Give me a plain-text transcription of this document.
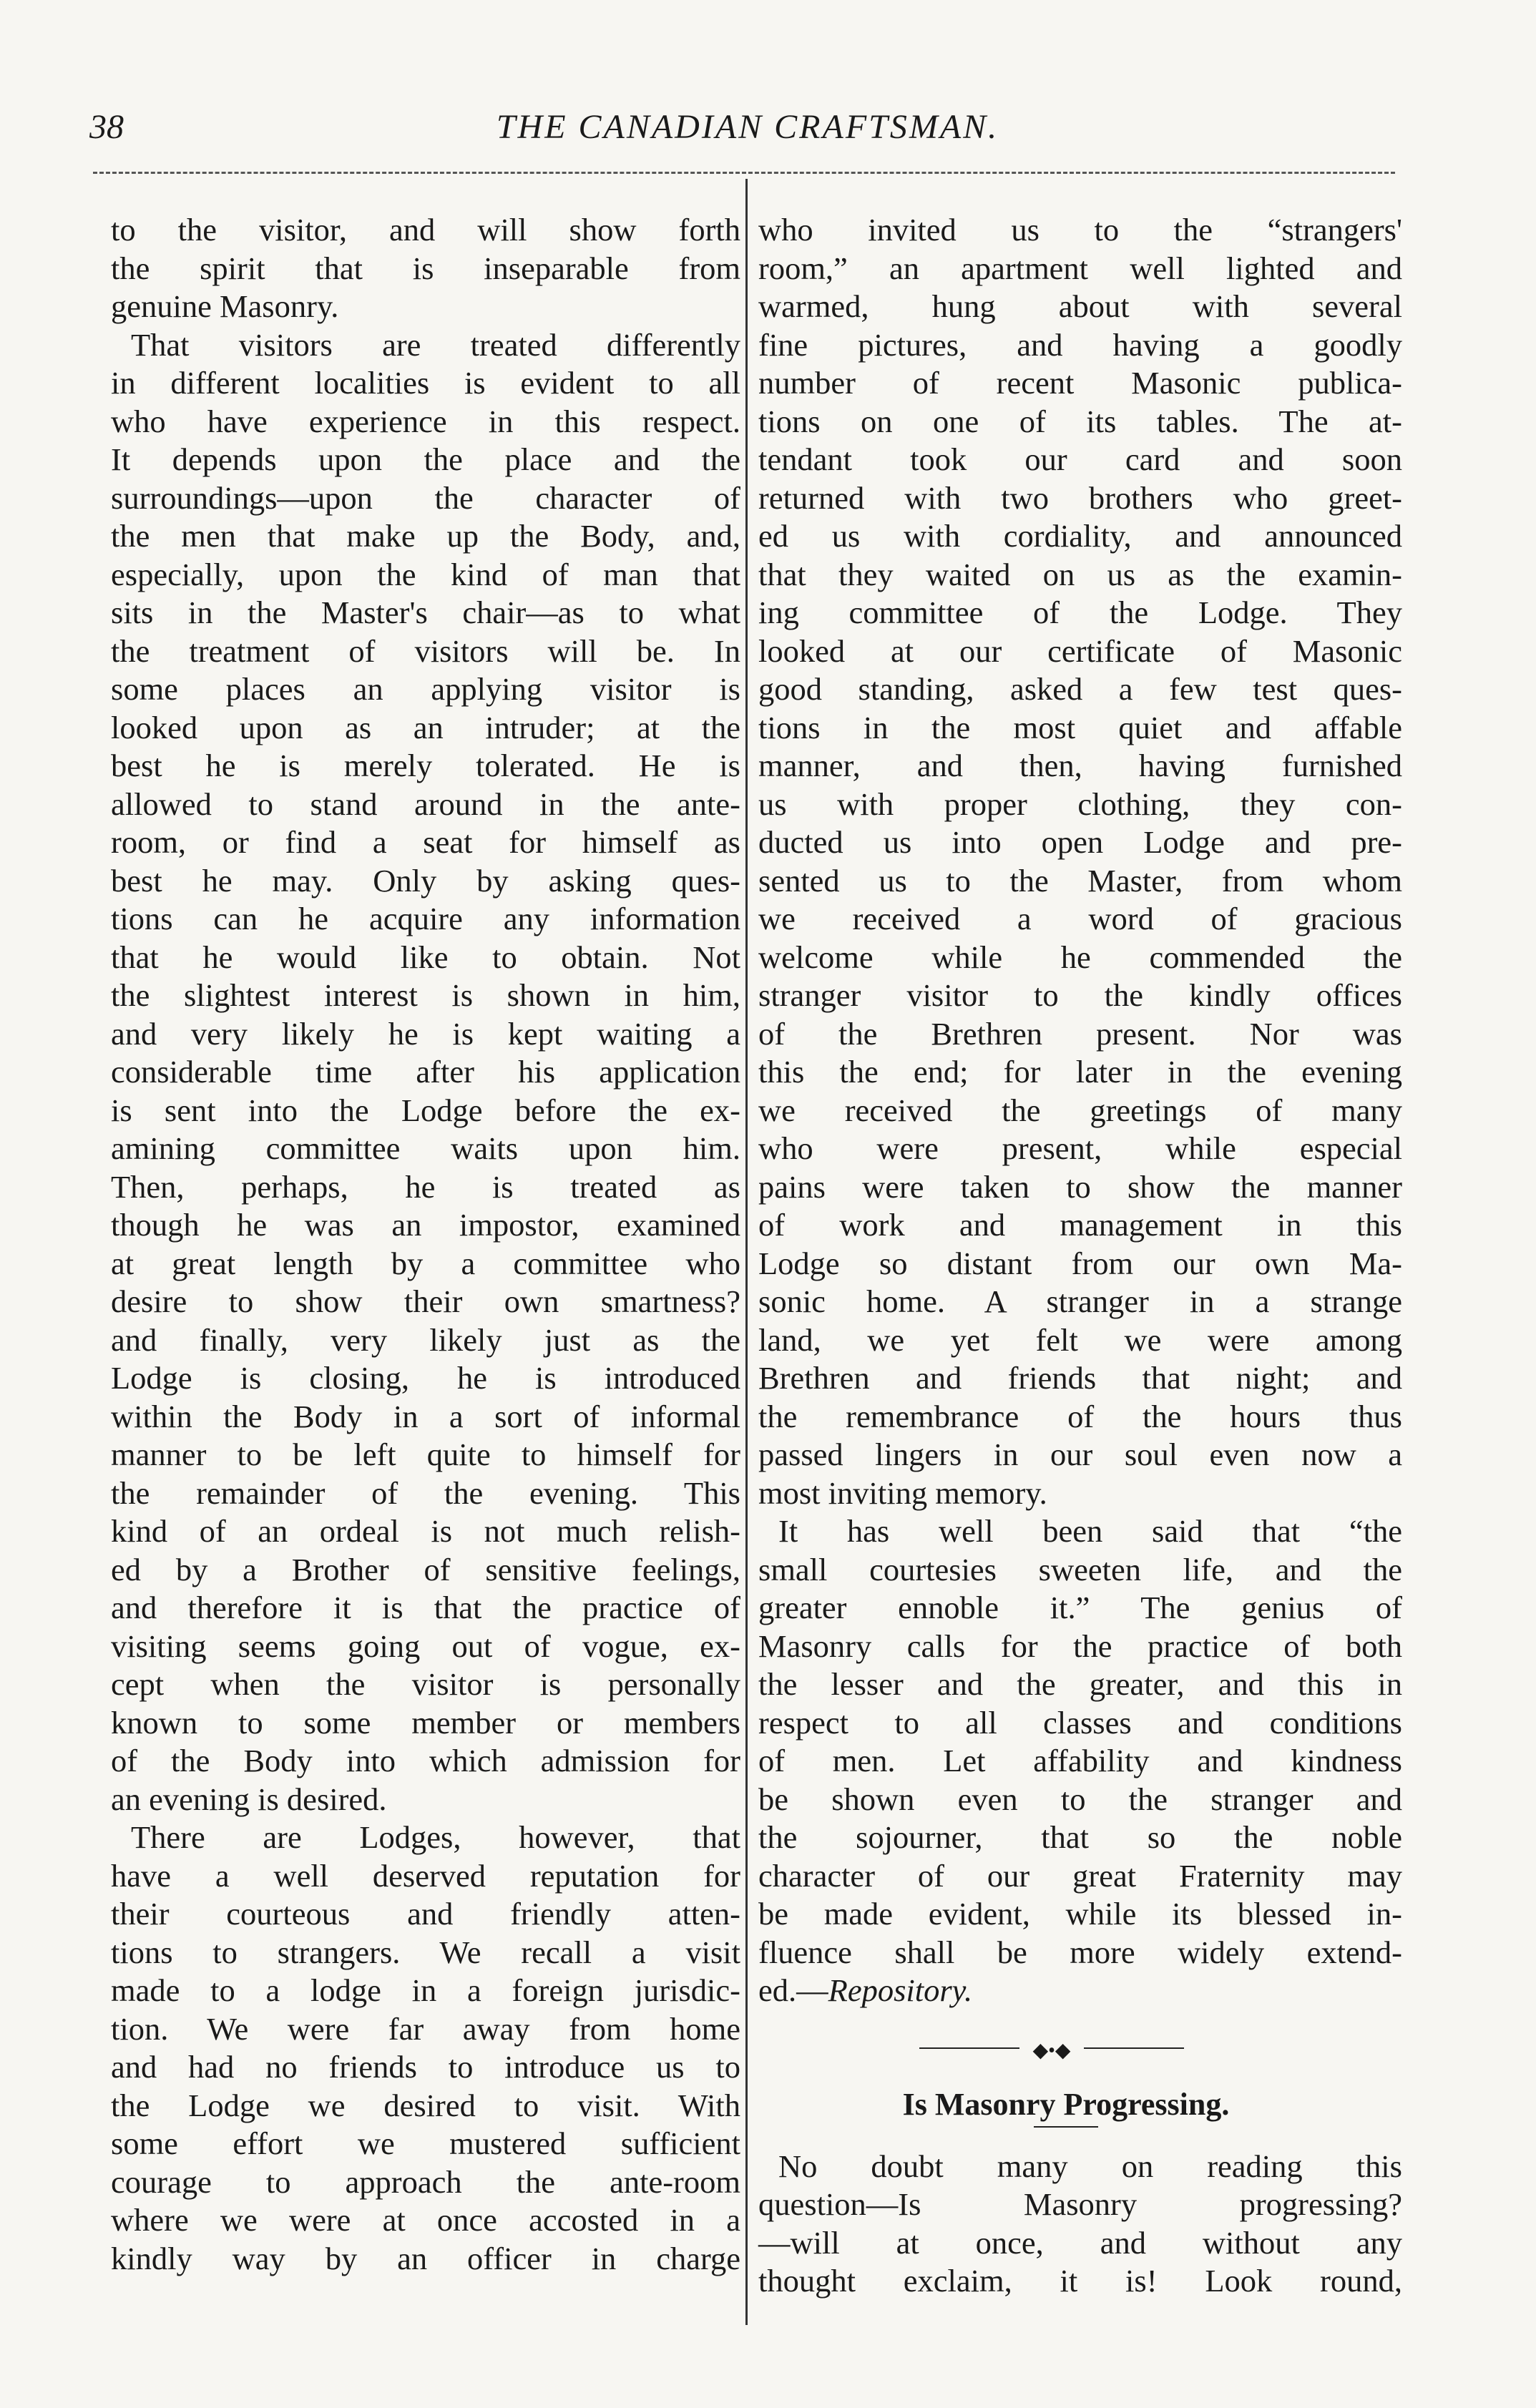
38	THE CANADIAN CRAFTSMAN.
to the visitor, and will show forth
the spirit that is inseparable from
genuine Masonry.
That visitors are treated differently
in different localities is evident to all
who have experience in this respect.
It depends upon the place and the
surroundings—upon the character of
the men that make up the Body, and,
especially, upon the kind of man that
sits in the Master's chair—as to what
the treatment of visitors will be. In
some places an applying visitor is
looked upon as an intruder; at the
best he is merely tolerated. He is
allowed to stand around in the ante-
room, or find a seat for himself as
best he may. Only by asking ques-
tions can he acquire any information
that he would like to obtain. Not
the slightest interest is shown in him,
and very likely he is kept waiting a
considerable time after his application
is sent into the Lodge before the ex-
amining committee waits upon him.
Then, perhaps, he is treated as
though he was an impostor, examined
at great length by a committee who
desire to show their own smartness?
and finally, very likely just as the
Lodge is closing, he is introduced
within the Body in a sort of informal
manner to be left quite to himself for
the remainder of the evening. This
kind of an ordeal is not much relish-
ed by a Brother of sensitive feelings,
and therefore it is that the practice of
visiting seems going out of vogue, ex-
cept when the visitor is personally
known to some member or members
of the Body into which admission for
an evening is desired.
There are Lodges, however, that
have a well deserved reputation for
their courteous and friendly atten-
tions to strangers. We recall a visit
made to a lodge in a foreign jurisdic-
tion. We were far away from home
and had no friends to introduce us to
the Lodge we desired to visit. With
some effort we mustered sufficient
courage to approach the ante-room
where we were at once accosted in a
kindly way by an officer in charge
who invited us to the “strangers'
room,” an apartment well lighted and
warmed, hung about with several
fine pictures, and having a goodly
number of recent Masonic publica-
tions on one of its tables. The at-
tendant took our card and soon
returned with two brothers who greet-
ed us with cordiality, and announced
that they waited on us as the examin-
ing committee of the Lodge. They
looked at our certificate of Masonic
good standing, asked a few test ques-
tions in the most quiet and affable
manner, and then, having furnished
us with proper clothing, they con-
ducted us into open Lodge and pre-
sented us to the Master, from whom
we received a word of gracious
welcome while he commended the
stranger visitor to the kindly offices
of the Brethren present. Nor was
this the end; for later in the evening
we received the greetings of many
who were present, while especial
pains were taken to show the manner
of work and management in this
Lodge so distant from our own Ma-
sonic home. A stranger in a strange
land, we yet felt we were among
Brethren and friends that night; and
the remembrance of the hours thus
passed lingers in our soul even now a
most inviting memory.
It has well been said that “the
small courtesies sweeten life, and the
greater ennoble it.” The genius of
Masonry calls for the practice of both
the lesser and the greater, and this in
respect to all classes and conditions
of men. Let affability and kindness
be shown even to the stranger and
the sojourner, that so the noble
character of our great Fraternity may
be made evident, while its blessed in-
fluence shall be more widely extend-
ed.—Repository.
◆•◆
Is Masonry Progressing.
No doubt many on reading this
question—Is Masonry progressing?
—will at once, and without any
thought exclaim, it is! Look round,
